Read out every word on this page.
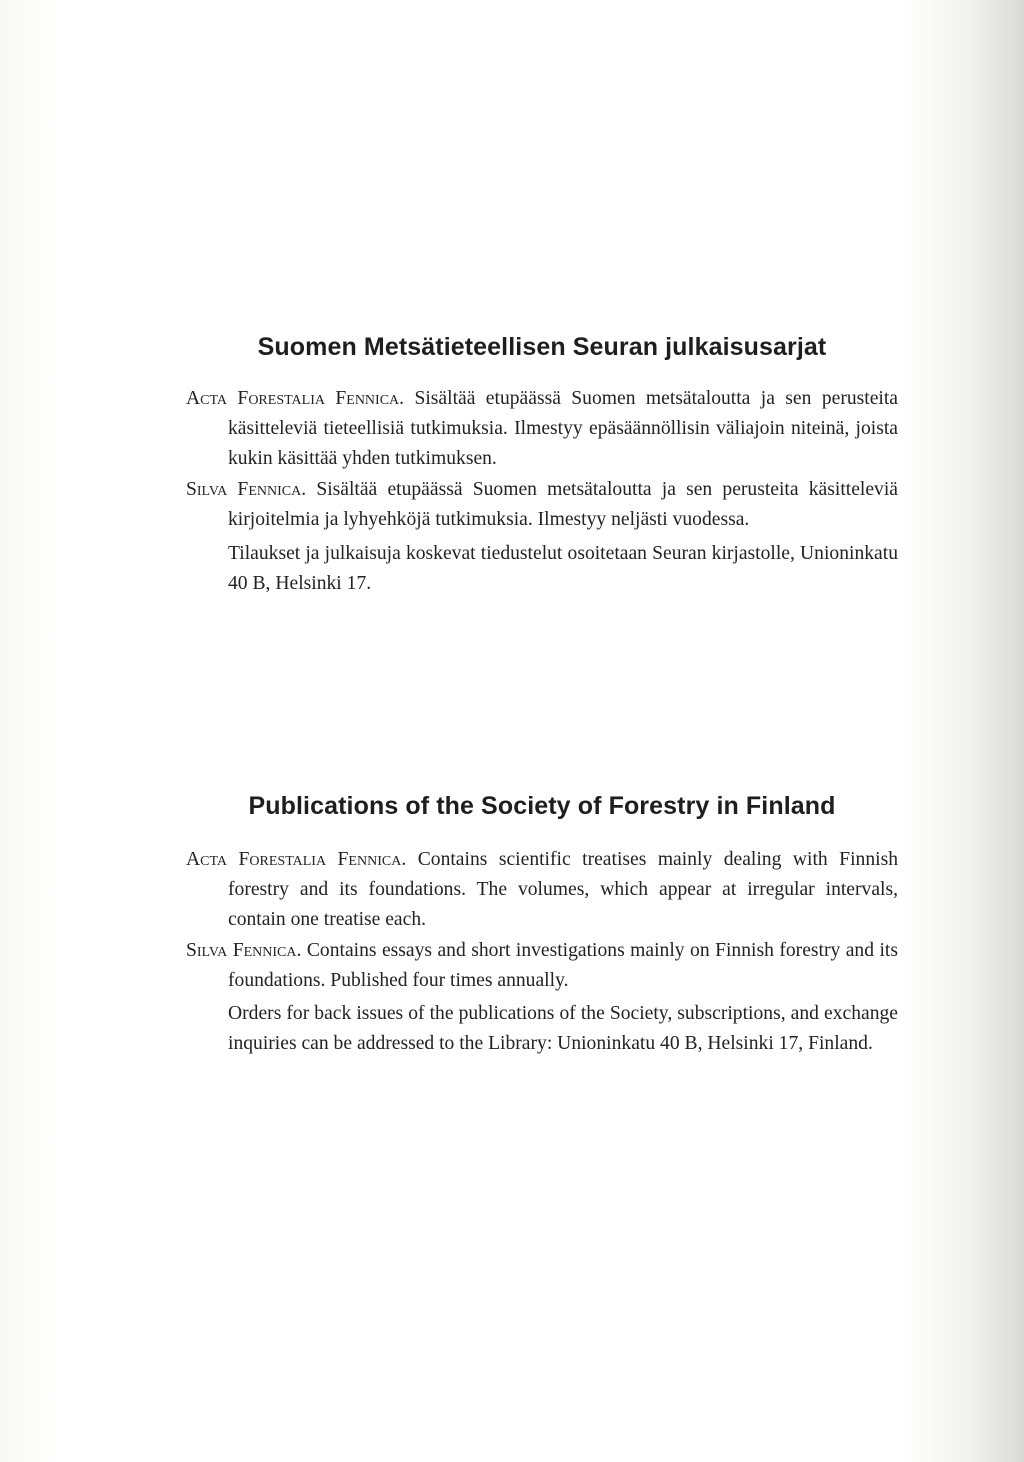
Suomen Metsätieteellisen Seuran julkaisusarjat

Acta Forestalia Fennica. Sisältää etupäässä Suomen metsätaloutta ja sen perusteita käsitteleviä tieteellisiä tutkimuksia. Ilmestyy epäsäännöllisin väliajoin niteinä, joista kukin käsittää yhden tutkimuksen.

Silva Fennica. Sisältää etupäässä Suomen metsätaloutta ja sen perusteita käsitteleviä kirjoitelmia ja lyhyehköjä tutkimuksia. Ilmestyy neljästi vuodessa.

Tilaukset ja julkaisuja koskevat tiedustelut osoitetaan Seuran kirjastolle, Unioninkatu 40 B, Helsinki 17.

Publications of the Society of Forestry in Finland

Acta Forestalia Fennica. Contains scientific treatises mainly dealing with Finnish forestry and its foundations. The volumes, which appear at irregular intervals, contain one treatise each.

Silva Fennica. Contains essays and short investigations mainly on Finnish forestry and its foundations. Published four times annually.

Orders for back issues of the publications of the Society, subscriptions, and exchange inquiries can be addressed to the Library: Unioninkatu 40 B, Helsinki 17, Finland.
